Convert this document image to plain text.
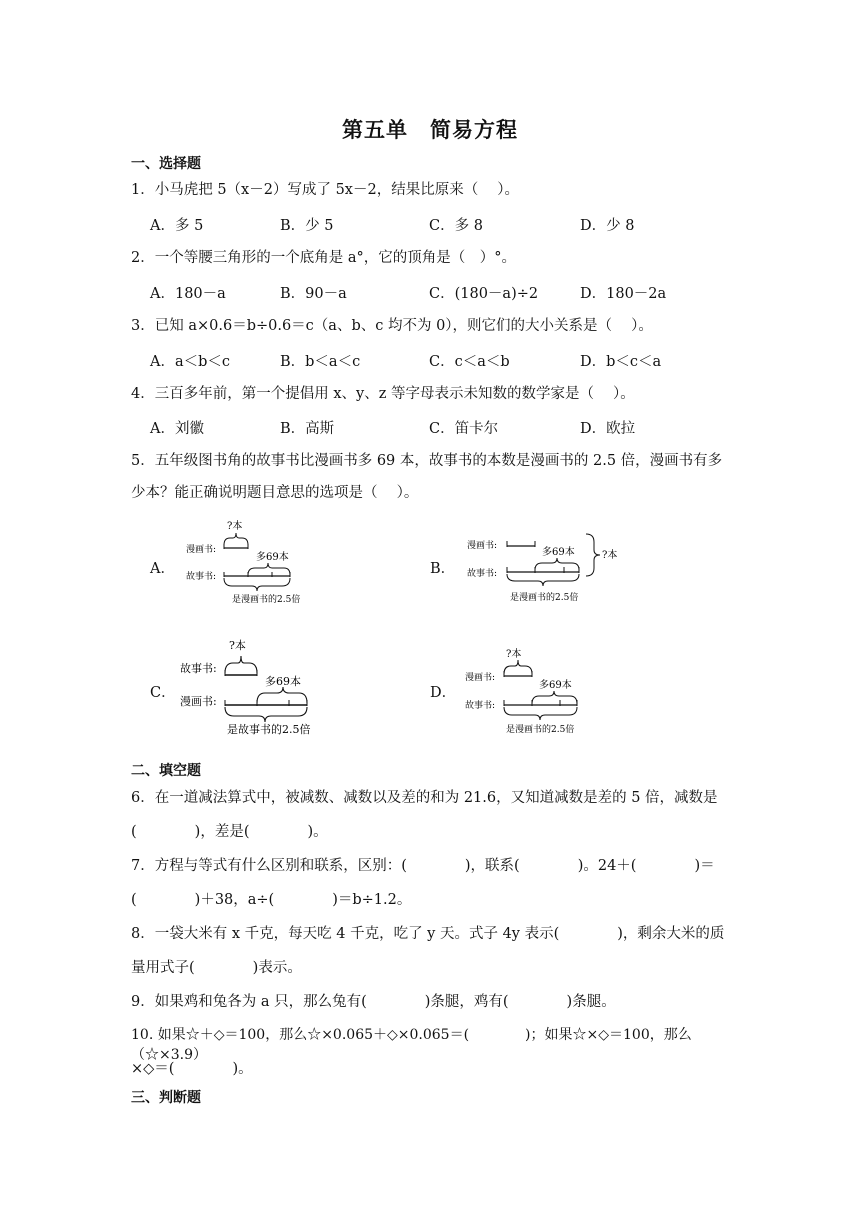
第五单　简易方程
一、选择题
1．小马虎把 5（x－2）写成了 5x－2，结果比原来（　 ）。
A．多 5	B．少 5	C．多 8	D．少 8
2．一个等腰三角形的一个底角是 a°，它的顶角是（　）°。
A．180－a	B．90－a	C．(180－a)÷2	D．180－2a
3．已知 a×0.6＝b÷0.6＝c（a、b、c 均不为 0），则它们的大小关系是（　 ）。
A．a＜b＜c	B．b＜a＜c	C．c＜a＜b	D．b＜c＜a
4．三百多年前，第一个提倡用 x、y、z 等字母表示未知数的数学家是（　 ）。
A．刘徽	B．高斯	C．笛卡尔	D．欧拉
5．五年级图书角的故事书比漫画书多 69 本，故事书的本数是漫画书的 2.5 倍，漫画书有多
少本？能正确说明题目意思的选项是（　 ）。
A．
?本
漫画书:
多69本
故事书:
是漫画书的2.5倍
B．
漫画书:
多69本
故事书:
是漫画书的2.5倍
?本
C．
?本
故事书:
多69本
漫画书:
是故事书的2.5倍
D．
?本
漫画书:
多69本
故事书:
是漫画书的2.5倍
二、填空题
6．在一道减法算式中，被减数、减数以及差的和为 21.6，又知道减数是差的 5 倍，减数是
(　　　　)，差是(　　　　)。
7．方程与等式有什么区别和联系，区别：(　　　　)，联系(　　　　)。24＋(　　　　)＝
(　　　　)＋38，a÷(　　　　)＝b÷1.2。
8．一袋大米有 x 千克，每天吃 4 千克，吃了 y 天。式子 4y 表示(　　　　)，剩余大米的质
量用式子(　　　　)表示。
9．如果鸡和兔各为 a 只，那么兔有(　　　　)条腿，鸡有(　　　　)条腿。
10. 如果☆＋◇＝100，那么☆×0.065＋◇×0.065＝(　　　　)；如果☆×◇＝100，那么（☆×3.9）
×◇＝(　　　　)。
三、判断题
